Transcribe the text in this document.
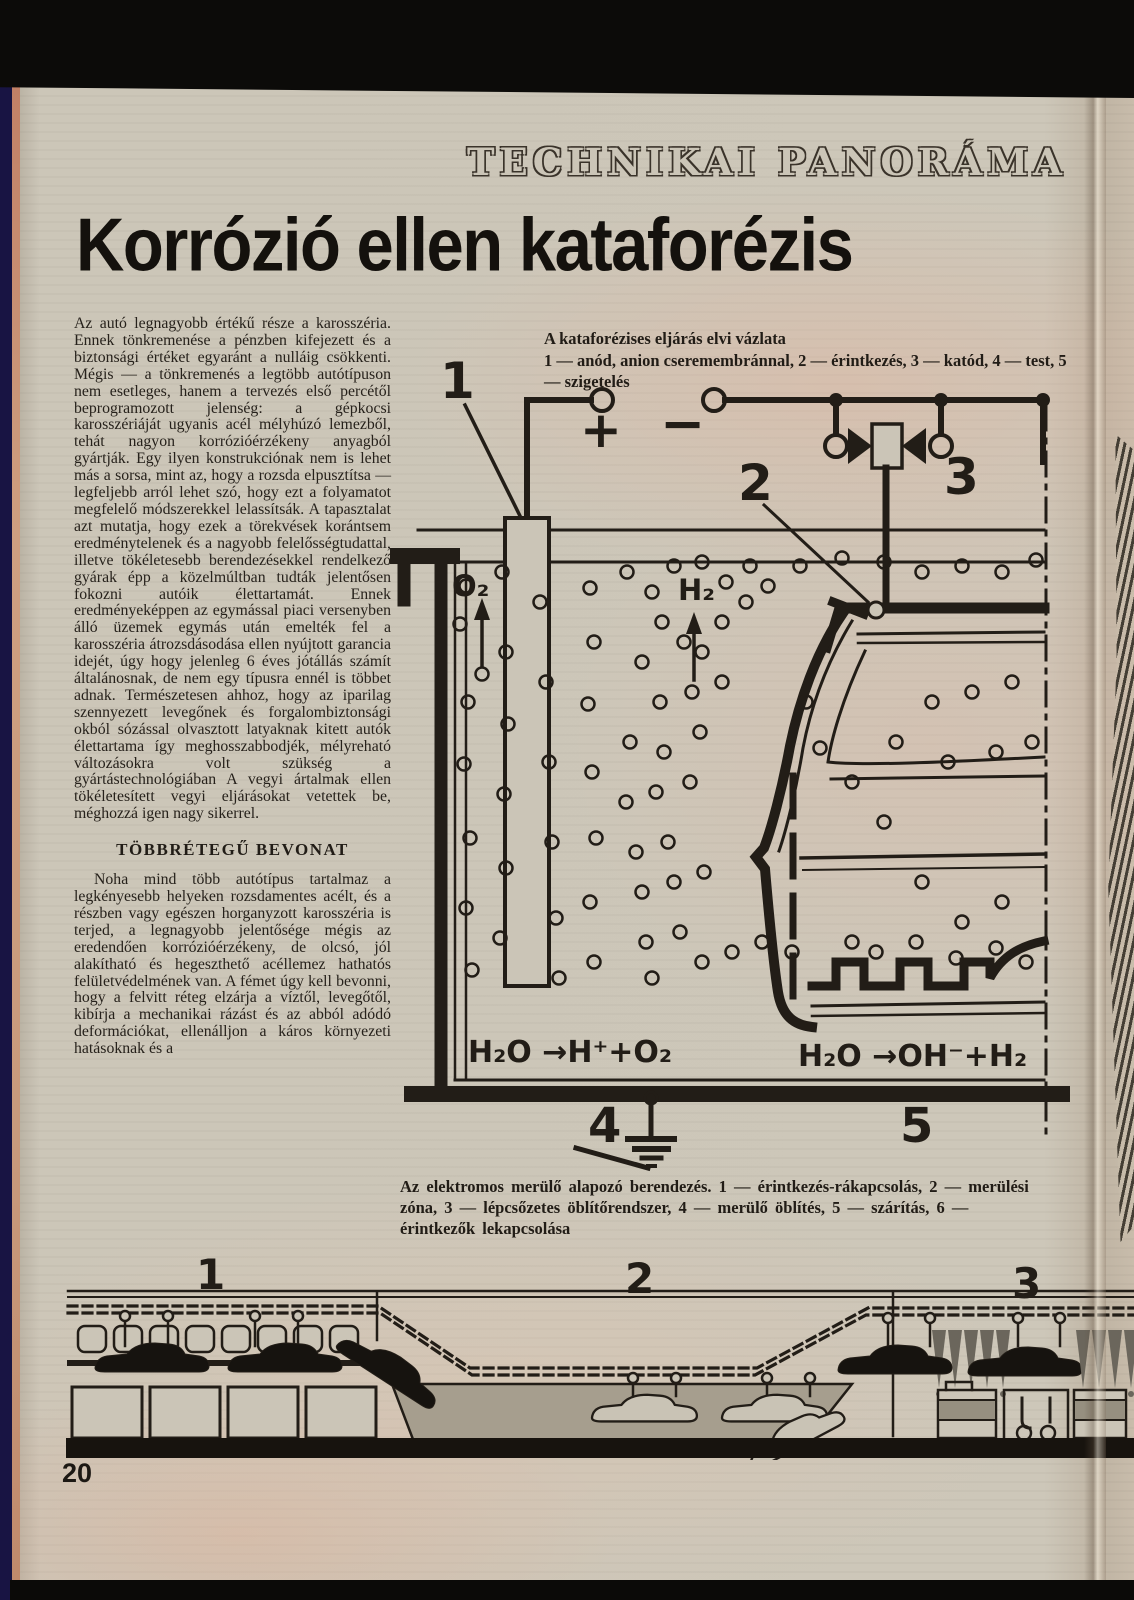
TECHNIKAI PANORÁMA
Korrózió ellen kataforézis

Az autó legnagyobb értékű része a karosszéria. Ennek tönkremenése a pénzben kifejezett és a biztonsági értéket egyaránt a nulláig csökkenti. Mégis — a tönkremenés a legtöbb autótípuson nem esetleges, hanem a tervezés első percétől beprogramozott jelenség: a gépkocsi karosszériáját ugyanis acél mélyhúzó lemezből, tehát nagyon korrózióérzékeny anyagból gyártják. Egy ilyen konstrukciónak nem is lehet más a sorsa, mint az, hogy a rozsda elpusztítsa — legfeljebb arról lehet szó, hogy ezt a folyamatot megfelelő módszerekkel lelassítsák. A tapasztalat azt mutatja, hogy ezek a törekvések korántsem eredménytelenek és a nagyobb felelősségtudattal, illetve tökéletesebb berendezésekkel rendelkező gyárak épp a közelmúltban tudták jelentősen fokozni autóik élettartamát. Ennek eredményeképpen az egymással piaci versenyben álló üzemek egymás után emelték fel a karosszéria átrozsdásodása ellen nyújtott garancia idejét, úgy hogy jelenleg 6 éves jótállás számít általánosnak, de nem egy típusra ennél is többet adnak. Természetesen ahhoz, hogy az iparilag szennyezett levegőnek és forgalombiztonsági okból sózással olvasztott latyaknak kitett autók élettartama így meghosszabbodjék, mélyreható változásokra volt szükség a gyártástechnológiában A vegyi ártalmak ellen tökéletesített vegyi eljárásokat vetettek be, méghozzá igen nagy sikerrel.

TÖBBRÉTEGŰ BEVONAT

Noha mind több autótípus tartalmaz a legkényesebb helyeken rozsdamentes acélt, és a részben vagy egészen horganyzott karosszéria is terjed, a legnagyobb jelentősége mégis az eredendően korrózióérzékeny, de olcsó, jól alakítható és hegeszthető acéllemez hathatós felületvédelmének van. A fémet úgy kell bevonni, hogy a felvitt réteg elzárja a víztől, levegőtől, kibírja a mechanikai rázást és az abból adódó deformációkat, ellenálljon a káros környezeti hatásoknak és a

A kataforézises eljárás elvi vázlata
1 — anód, anion cseremembránnal, 2 — érintkezés, 3 — katód, 4 — test, 5 — szigetelés
1
+ −
2	3
O₂	H₂
H₂O →H⁺+O₂	H₂O →OH⁻+H₂
4	5
Az elektromos merülő alapozó berendezés. 1 — érintkezés-rákapcsolás, 2 — merülési zóna, 3 — lépcsőzetes öblítőrendszer, 4 — merülő öblítés, 5 — szárítás, 6 — érintkezők lekapcsolása
1	2	3
20
